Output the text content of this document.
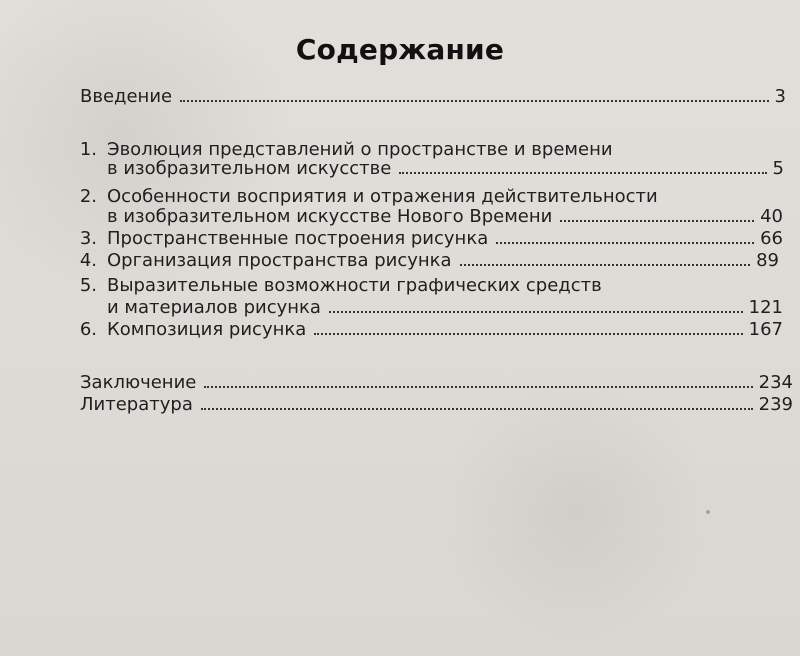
Содержание
Введение	3
1. Эволюция представлений о пространстве и времени
в изобразительном искусстве	5
2. Особенности восприятия и отражения действительности
в изобразительном искусстве Нового Времени	40
3. Пространственные построения рисунка	66
4. Организация пространства рисунка	89
5. Выразительные возможности графических средств
и материалов рисунка	121
6. Композиция рисунка	167
Заключение	234
Литература	239
